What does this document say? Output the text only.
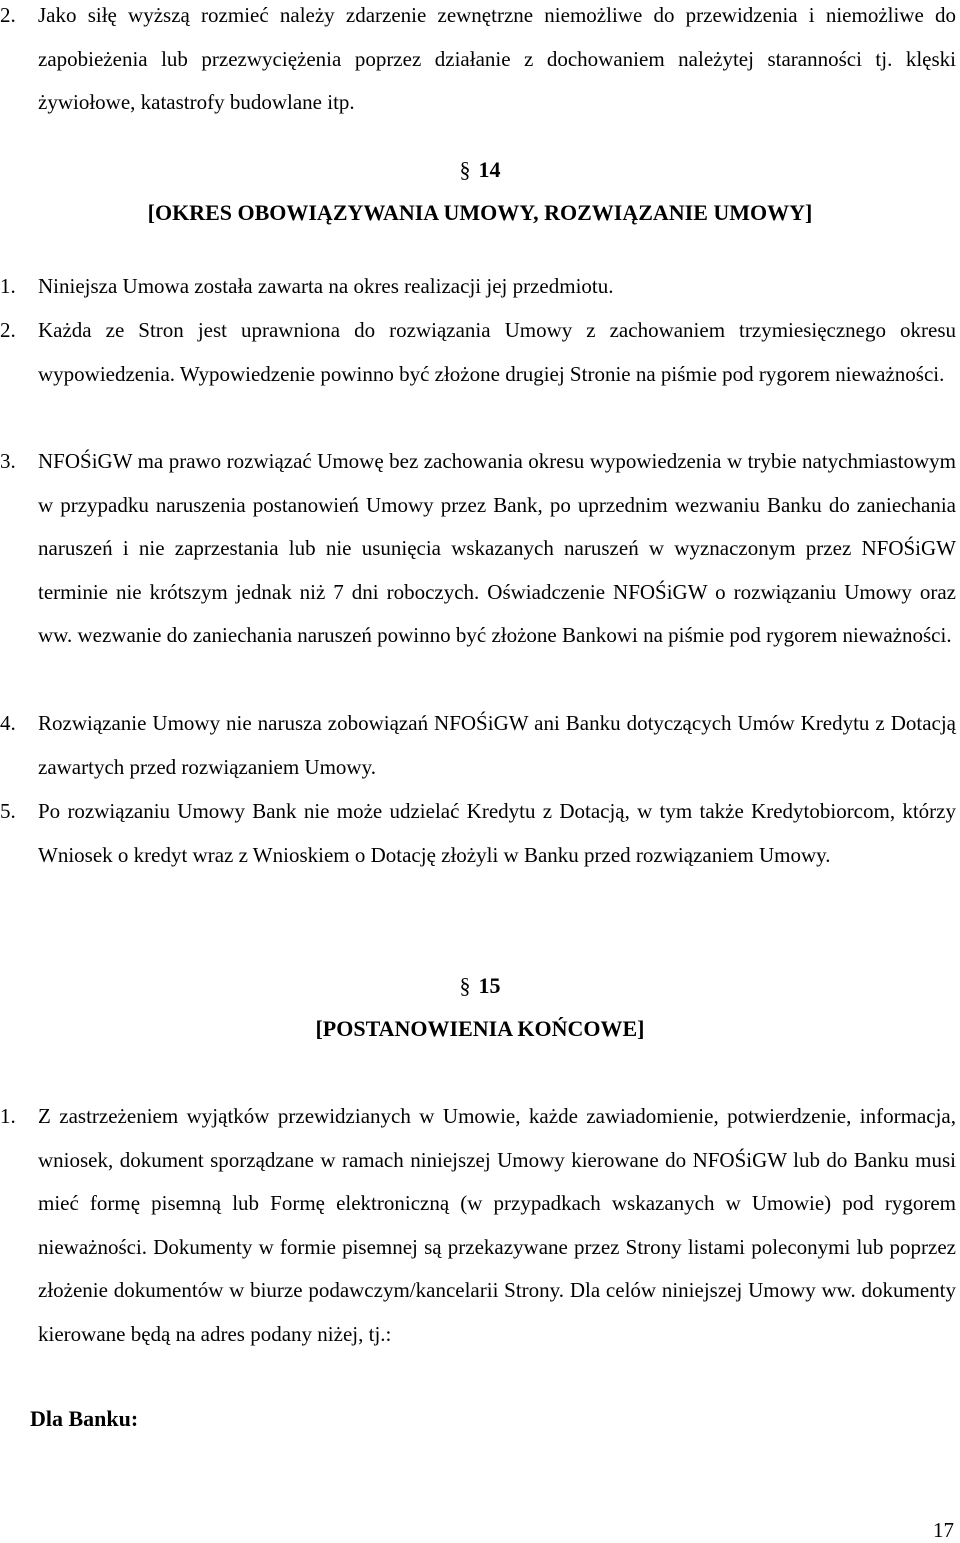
2. Jako siłę wyższą rozmieć należy zdarzenie zewnętrzne niemożliwe do przewidzenia i niemożliwe do zapobieżenia lub przezwyciężenia poprzez działanie z dochowaniem należytej staranności tj. klęski żywiołowe, katastrofy budowlane itp.
§ 14
[OKRES OBOWIĄZYWANIA UMOWY, ROZWIĄZANIE UMOWY]
1. Niniejsza Umowa została zawarta na okres realizacji jej przedmiotu.
2. Każda ze Stron jest uprawniona do rozwiązania Umowy z zachowaniem trzymiesięcznego okresu wypowiedzenia. Wypowiedzenie powinno być złożone drugiej Stronie na piśmie pod rygorem nieważności.
3. NFOŚiGW ma prawo rozwiązać Umowę bez zachowania okresu wypowiedzenia w trybie natychmiastowym w przypadku naruszenia postanowień Umowy przez Bank, po uprzednim wezwaniu Banku do zaniechania naruszeń i nie zaprzestania lub nie usunięcia wskazanych naruszeń w wyznaczonym przez NFOŚiGW terminie nie krótszym jednak niż 7 dni roboczych. Oświadczenie NFOŚiGW o rozwiązaniu Umowy oraz ww. wezwanie do zaniechania naruszeń powinno być złożone Bankowi na piśmie pod rygorem nieważności.
4. Rozwiązanie Umowy nie narusza zobowiązań NFOŚiGW ani Banku dotyczących Umów Kredytu z Dotacją zawartych przed rozwiązaniem Umowy.
5. Po rozwiązaniu Umowy Bank nie może udzielać Kredytu z Dotacją, w tym także Kredytobiorcom, którzy Wniosek o kredyt wraz z Wnioskiem o Dotację złożyli w Banku przed rozwiązaniem Umowy.
§ 15
[POSTANOWIENIA KOŃCOWE]
1. Z zastrzeżeniem wyjątków przewidzianych w Umowie, każde zawiadomienie, potwierdzenie, informacja, wniosek, dokument sporządzane w ramach niniejszej Umowy kierowane do NFOŚiGW lub do Banku musi mieć formę pisemną lub Formę elektroniczną (w przypadkach wskazanych w Umowie) pod rygorem nieważności. Dokumenty w formie pisemnej są przekazywane przez Strony listami poleconymi lub poprzez złożenie dokumentów w biurze podawczym/kancelarii Strony. Dla celów niniejszej Umowy ww. dokumenty kierowane będą na adres podany niżej, tj.:
Dla Banku:
17
